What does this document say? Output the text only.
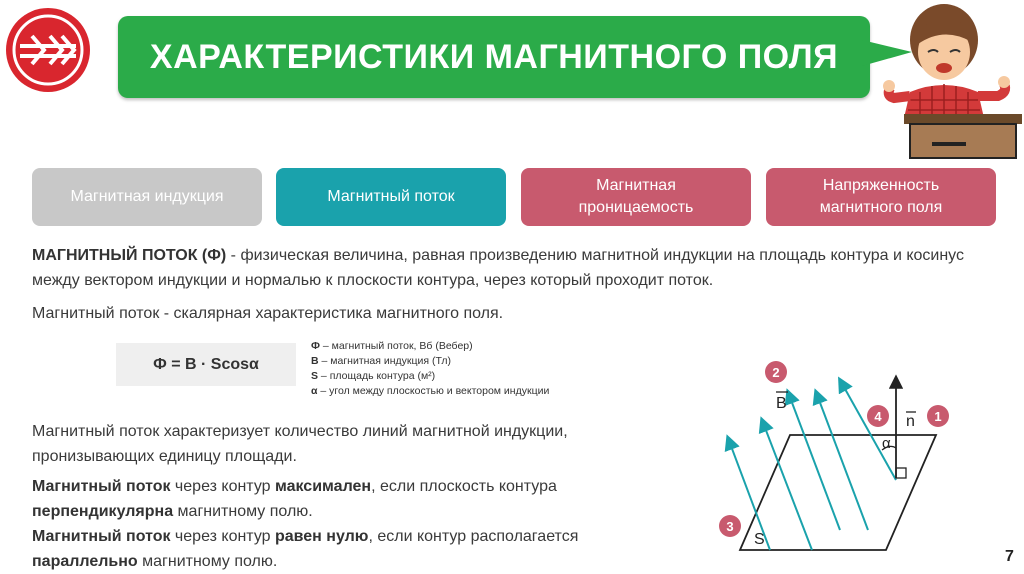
ХАРАКТЕРИСТИКИ МАГНИТНОГО ПОЛЯ
Магнитная индукция	Магнитный поток
Магнитная проницаемость
Напряженность магнитного поля
МАГНИТНЫЙ ПОТОК (Ф) - физическая величина, равная произведению магнитной индукции на площадь контура и косинус между вектором индукции и нормалью к плоскости контура, через который проходит поток.
Магнитный поток - скалярная характеристика магнитного поля.
Ф = В · Scosα
Ф – магнитный поток, Вб (Вебер)
В – магнитная индукция (Тл)
S – площадь контура (м²)
α – угол между плоскостью и вектором индукции
Магнитный поток характеризует количество линий магнитной индукции, пронизывающих единицу площади.
Магнитный поток через контур максимален, если плоскость контура перпендикулярна магнитному полю.
Магнитный поток через контур равен нулю, если контур располагается параллельно магнитному полю.
B
n
α
S
2
1
4
3
7
